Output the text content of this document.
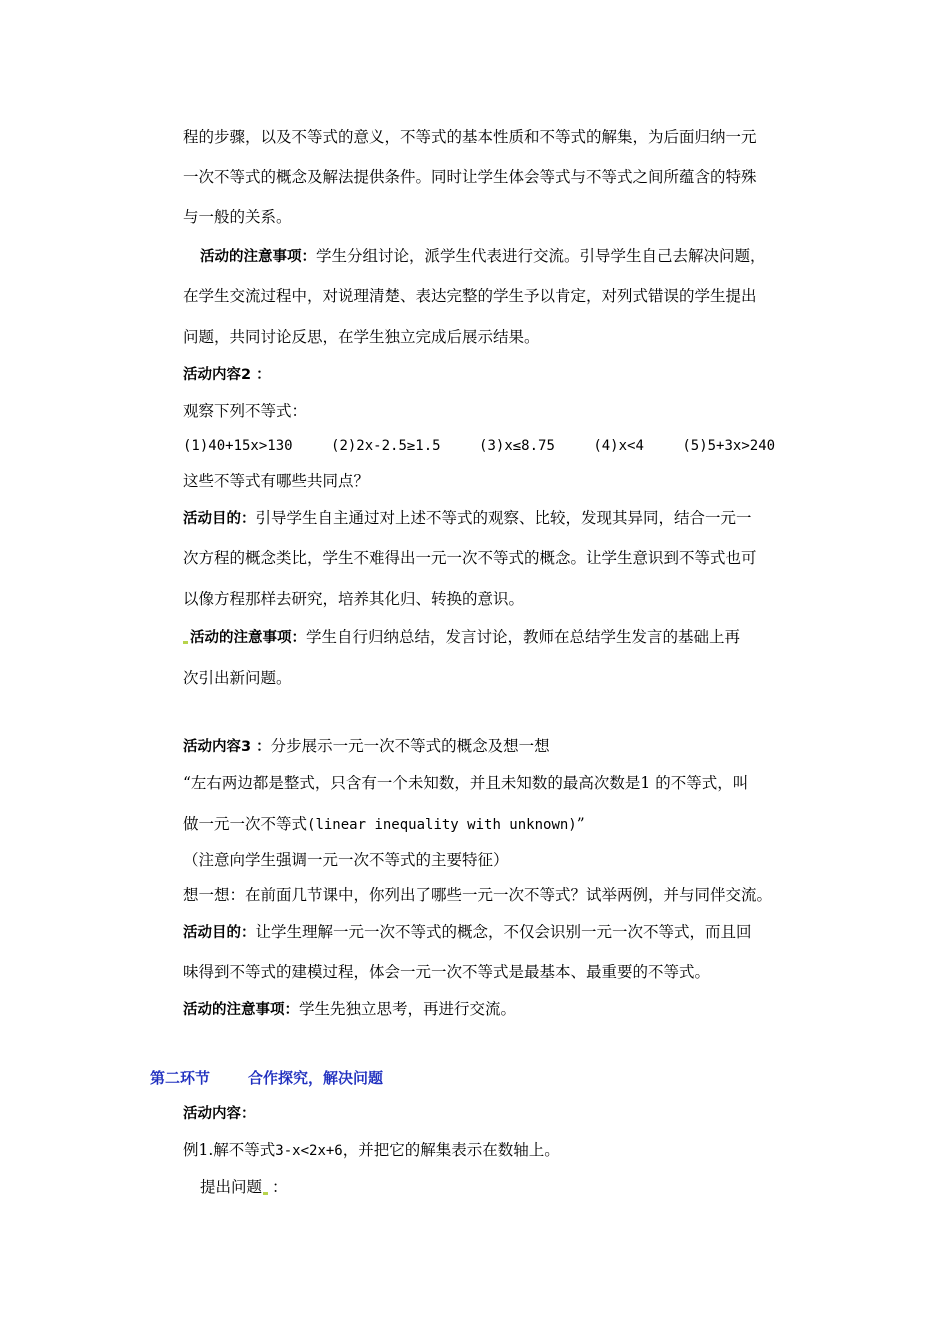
程的步骤，以及不等式的意义，不等式的基本性质和不等式的解集，为后面归纳一元
一次不等式的概念及解法提供条件。同时让学生体会等式与不等式之间所蕴含的特殊
与一般的关系。
活动的注意事项：学生分组讨论，派学生代表进行交流。引导学生自己去解决问题，
在学生交流过程中，对说理清楚、表达完整的学生予以肯定，对列式错误的学生提出
问题，共同讨论反思，在学生独立完成后展示结果。
活动内容2 ：
观察下列不等式：
(1)40+15x>130	(2)2x-2.5≥1.5	(3)x≤8.75	(4)x<4	(5)5+3x>240
这些不等式有哪些共同点？
活动目的：引导学生自主通过对上述不等式的观察、比较，发现其异同，结合一元一
次方程的概念类比，学生不难得出一元一次不等式的概念。让学生意识到不等式也可
以像方程那样去研究，培养其化归、转换的意识。
活动的注意事项：学生自行归纳总结，发言讨论，教师在总结学生发言的基础上再
次引出新问题。
活动内容3 ：分步展示一元一次不等式的概念及想一想
“左右两边都是整式，只含有一个未知数，并且未知数的最高次数是1 的不等式，叫
做一元一次不等式(linear inequality with unknown)”
（注意向学生强调一元一次不等式的主要特征）
想一想：在前面几节课中，你列出了哪些一元一次不等式？试举两例，并与同伴交流。
活动目的：让学生理解一元一次不等式的概念，不仅会识别一元一次不等式，而且回
味得到不等式的建模过程，体会一元一次不等式是最基本、最重要的不等式。
活动的注意事项：学生先独立思考，再进行交流。
第二环节	合作探究，解决问题
活动内容：
例1.解不等式3-x<2x+6，并把它的解集表示在数轴上。
提出问题 ：
